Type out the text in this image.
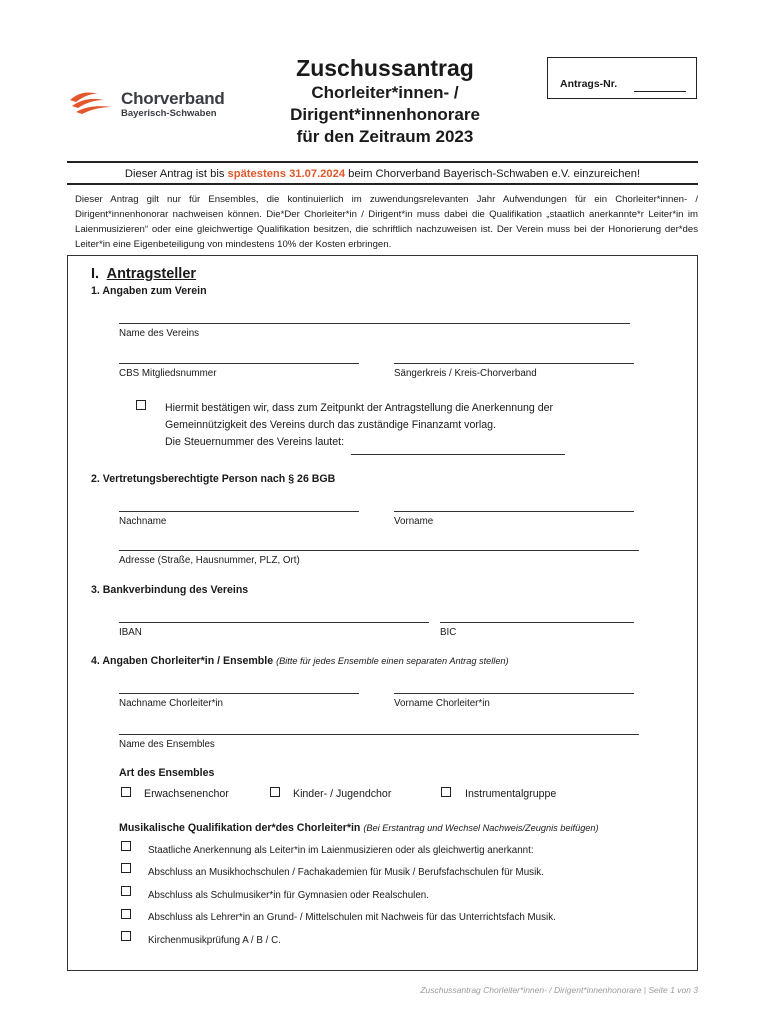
Chorverband
Bayerisch-Schwaben
Zuschussantrag
Chorleiter*innen- /
Dirigent*innenhonorare
für den Zeitraum 2023
Antrags-Nr.
Dieser Antrag ist bis spätestens 31.07.2024 beim Chorverband Bayerisch-Schwaben e.V. einzureichen!
Dieser Antrag gilt nur für Ensembles, die kontinuierlich im zuwendungsrelevanten Jahr Aufwendungen für ein Chorleiter*innen- / Dirigent*innenhonorar nachweisen können. Die*Der Chorleiter*in / Dirigent*in muss dabei die Qualifikation „staatlich anerkannte*r Leiter*in im Laienmusizieren“ oder eine gleichwertige Qualifikation besitzen, die schriftlich nachzuweisen ist. Der Verein muss bei der Honorierung der*des Leiter*in eine Eigenbeteiligung von mindestens 10% der Kosten erbringen.
I. Antragsteller
1. Angaben zum Verein
Name des Vereins
CBS Mitgliedsnummer	Sängerkreis / Kreis-Chorverband
Hiermit bestätigen wir, dass zum Zeitpunkt der Antragstellung die Anerkennung der
Gemeinnützigkeit des Vereins durch das zuständige Finanzamt vorlag.
Die Steuernummer des Vereins lautet:
2. Vertretungsberechtigte Person nach § 26 BGB
Nachname	Vorname
Adresse (Straße, Hausnummer, PLZ, Ort)
3. Bankverbindung des Vereins
IBAN	BIC
4. Angaben Chorleiter*in / Ensemble (Bitte für jedes Ensemble einen separaten Antrag stellen)
Nachname Chorleiter*in	Vorname Chorleiter*in
Name des Ensembles
Art des Ensembles
Erwachsenenchor	Kinder- / Jugendchor	Instrumentalgruppe
Musikalische Qualifikation der*des Chorleiter*in (Bei Erstantrag und Wechsel Nachweis/Zeugnis beifügen)
Staatliche Anerkennung als Leiter*in im Laienmusizieren oder als gleichwertig anerkannt:
Abschluss an Musikhochschulen / Fachakademien für Musik / Berufsfachschulen für Musik.
Abschluss als Schulmusiker*in für Gymnasien oder Realschulen.
Abschluss als Lehrer*in an Grund- / Mittelschulen mit Nachweis für das Unterrichtsfach Musik.
Kirchenmusikprüfung A / B / C.
Zuschussantrag Chorleiter*innen- / Dirigent*innenhonorare | Seite 1 von 3
